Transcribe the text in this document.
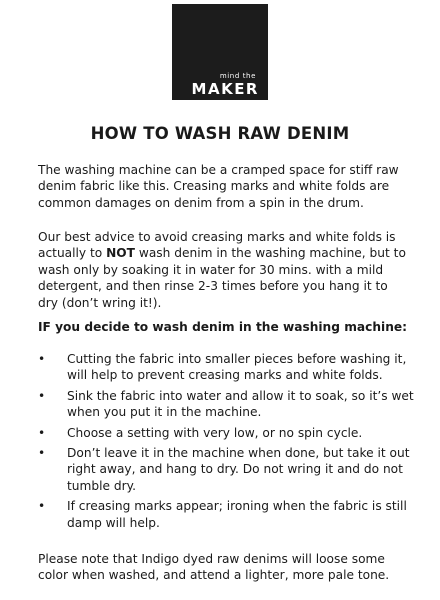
mind the
MAKER
HOW TO WASH RAW DENIM

The washing machine can be a cramped space for stiff raw denim fabric like this. Creasing marks and white folds are common damages on denim from a spin in the drum.

Our best advice to avoid creasing marks and white folds is actually to NOT wash denim in the washing machine, but to wash only by soaking it in water for 30 mins. with a mild detergent, and then rinse 2-3 times before you hang it to dry (don’t wring it!).

IF you decide to wash denim in the washing machine:

• Cutting the fabric into smaller pieces before washing it, will help to prevent creasing marks and white folds.
• Sink the fabric into water and allow it to soak, so it’s wet when you put it in the machine.
• Choose a setting with very low, or no spin cycle.
• Don’t leave it in the machine when done, but take it out right away, and hang to dry. Do not wring it and do not tumble dry.
• If creasing marks appear; ironing when the fabric is still damp will help.

Please note that Indigo dyed raw denims will loose some color when washed, and attend a lighter, more pale tone.
